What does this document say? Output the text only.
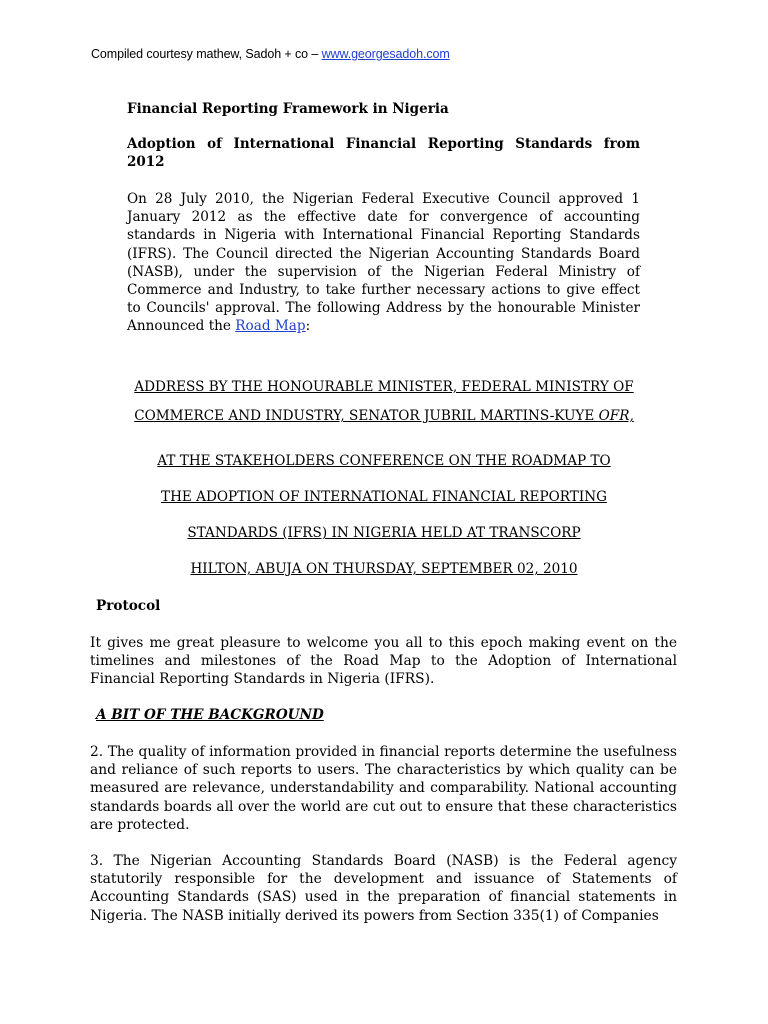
Compiled courtesy mathew, Sadoh + co – www.georgesadoh.com
Financial Reporting Framework in Nigeria
Adoption of International Financial Reporting Standards from 2012
On 28 July 2010, the Nigerian Federal Executive Council approved 1 January 2012 as the effective date for convergence of accounting standards in Nigeria with International Financial Reporting Standards (IFRS). The Council directed the Nigerian Accounting Standards Board (NASB), under the supervision of the Nigerian Federal Ministry of Commerce and Industry, to take further necessary actions to give effect to Councils' approval. The following Address by the honourable Minister Announced the Road Map:
ADDRESS BY THE HONOURABLE MINISTER, FEDERAL MINISTRY OF
COMMERCE AND INDUSTRY, SENATOR JUBRIL MARTINS-KUYE OFR,
AT THE STAKEHOLDERS CONFERENCE ON THE ROADMAP TO
THE ADOPTION OF INTERNATIONAL FINANCIAL REPORTING
STANDARDS (IFRS) IN NIGERIA HELD AT TRANSCORP
HILTON, ABUJA ON THURSDAY, SEPTEMBER 02, 2010
Protocol
It gives me great pleasure to welcome you all to this epoch making event on the timelines and milestones of the Road Map to the Adoption of International Financial Reporting Standards in Nigeria (IFRS).
A BIT OF THE BACKGROUND
2. The quality of information provided in financial reports determine the usefulness and reliance of such reports to users. The characteristics by which quality can be measured are relevance, understandability and comparability. National accounting standards boards all over the world are cut out to ensure that these characteristics are protected.
3. The Nigerian Accounting Standards Board (NASB) is the Federal agency statutorily responsible for the development and issuance of Statements of Accounting Standards (SAS) used in the preparation of financial statements in Nigeria. The NASB initially derived its powers from Section 335(1) of Companies
